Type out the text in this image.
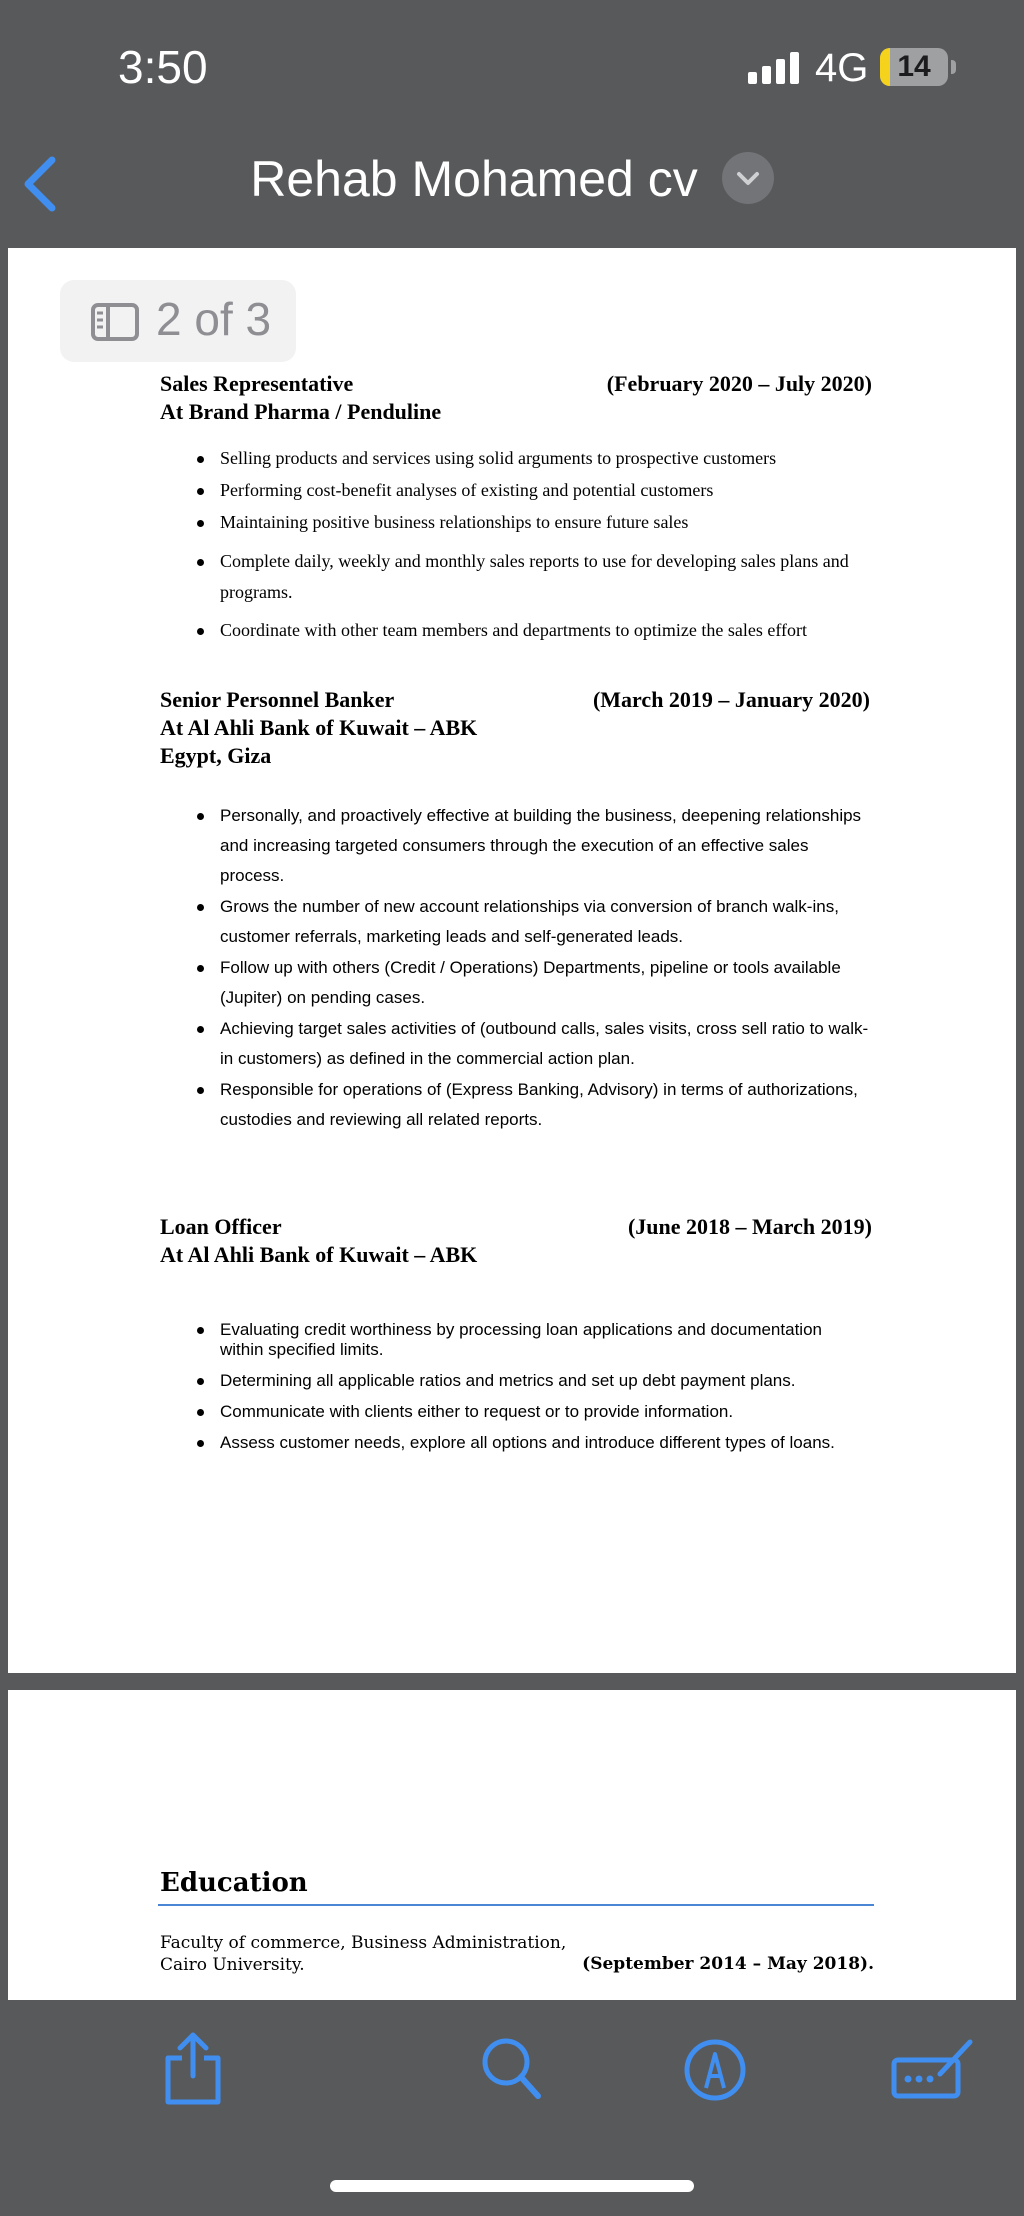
3:50	4G 14
Rehab Mohamed cv
2 of 3
Sales Representative
At Brand Pharma / Penduline
(February 2020 – July 2020)
Selling products and services using solid arguments to prospective customers
Performing cost-benefit analyses of existing and potential customers
Maintaining positive business relationships to ensure future sales
Complete daily, weekly and monthly sales reports to use for developing sales plans and programs.
Coordinate with other team members and departments to optimize the sales effort
Senior Personnel Banker
At Al Ahli Bank of Kuwait – ABK
Egypt, Giza
(March 2019 – January 2020)
Personally, and proactively effective at building the business, deepening relationships and increasing targeted consumers through the execution of an effective sales process.
Grows the number of new account relationships via conversion of branch walk-ins, customer referrals, marketing leads and self-generated leads.
Follow up with others (Credit / Operations) Departments, pipeline or tools available (Jupiter) on pending cases.
Achieving target sales activities of (outbound calls, sales visits, cross sell ratio to walk-in customers) as defined in the commercial action plan.
Responsible for operations of (Express Banking, Advisory) in terms of authorizations, custodies and reviewing all related reports.
Loan Officer
At Al Ahli Bank of Kuwait – ABK
(June 2018 – March 2019)
Evaluating credit worthiness by processing loan applications and documentation within specified limits.
Determining all applicable ratios and metrics and set up debt payment plans.
Communicate with clients either to request or to provide information.
Assess customer needs, explore all options and introduce different types of loans.
Education
Faculty of commerce, Business Administration,
Cairo University.	(September 2014 – May 2018).
